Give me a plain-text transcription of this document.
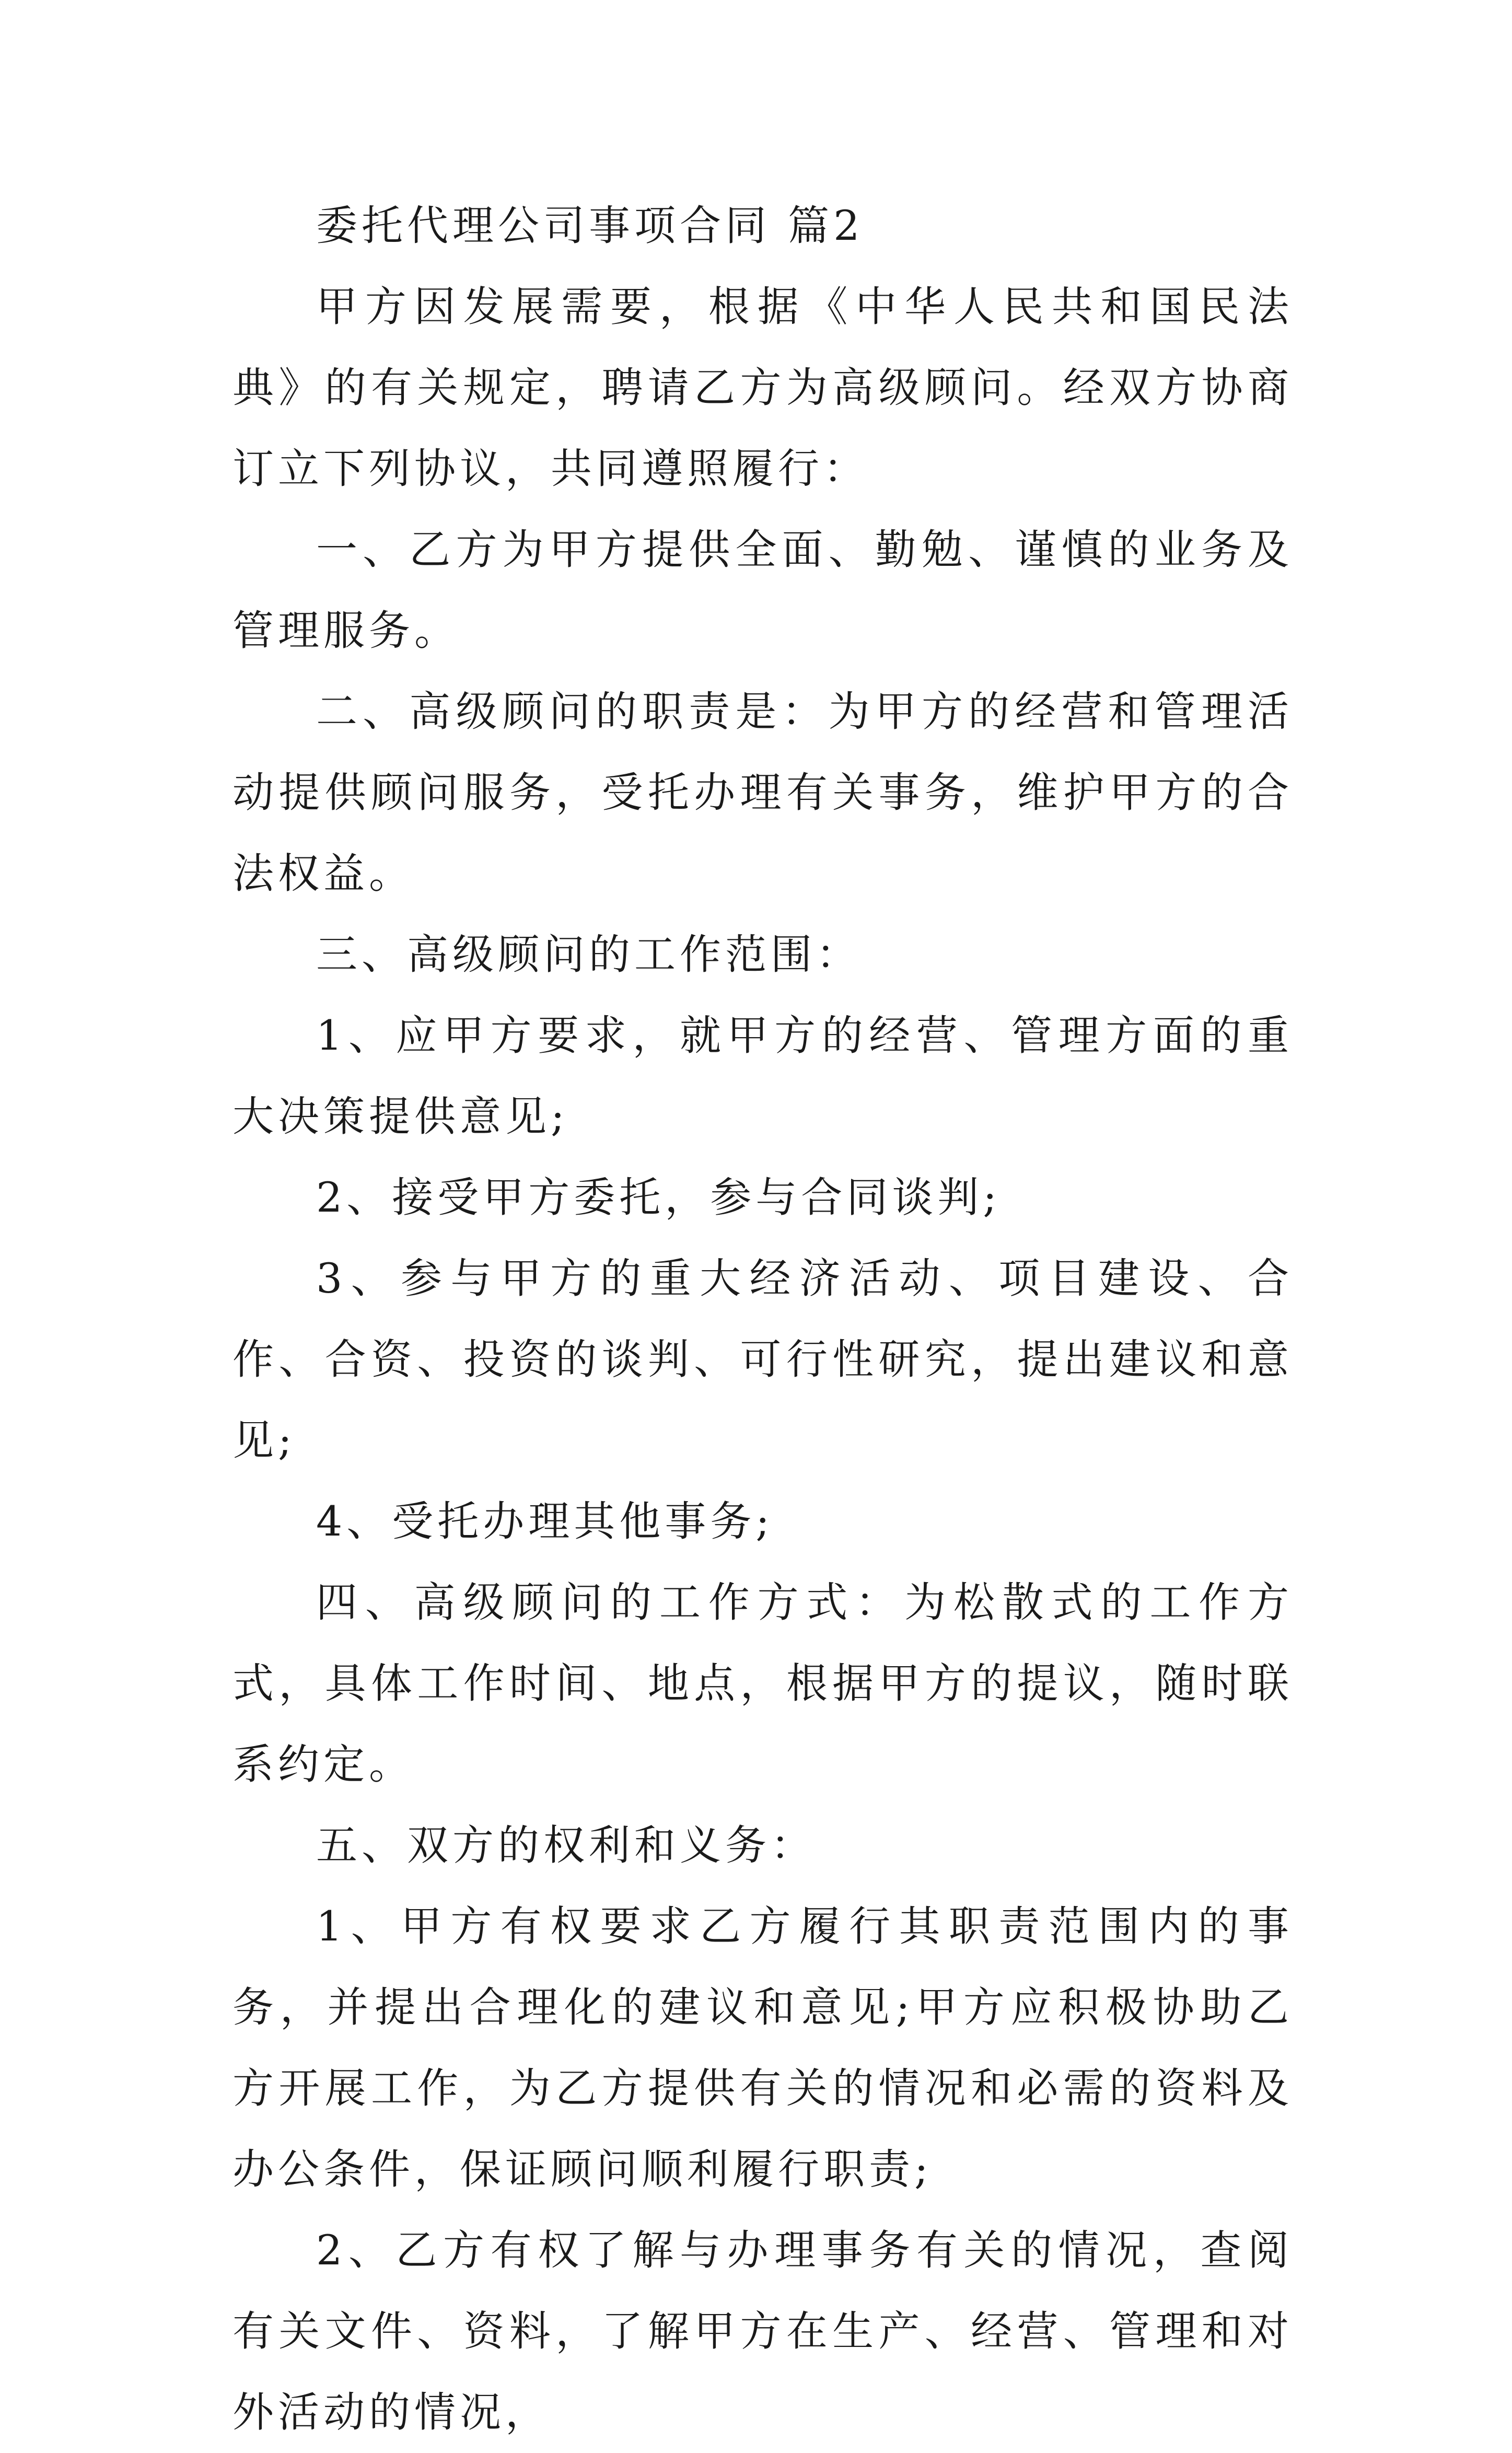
委托代理公司事项合同 篇2

甲方因发展需要，根据《中华人民共和国民法典》的有关规定，聘请乙方为高级顾问。经双方协商订立下列协议，共同遵照履行：

一、乙方为甲方提供全面、勤勉、谨慎的业务及管理服务。

二、高级顾问的职责是：为甲方的经营和管理活动提供顾问服务，受托办理有关事务，维护甲方的合法权益。

三、高级顾问的工作范围：

1、应甲方要求，就甲方的经营、管理方面的重大决策提供意见;

2、接受甲方委托，参与合同谈判;

3、参与甲方的重大经济活动、项目建设、合作、合资、投资的谈判、可行性研究，提出建议和意见;

4、受托办理其他事务;

四、高级顾问的工作方式：为松散式的工作方式，具体工作时间、地点，根据甲方的提议，随时联系约定。

五、双方的权利和义务：

1、甲方有权要求乙方履行其职责范围内的事务，并提出合理化的建议和意见;甲方应积极协助乙方开展工作，为乙方提供有关的情况和必需的资料及办公条件，保证顾问顺利履行职责;

2、乙方有权了解与办理事务有关的情况，查阅有关文件、资料，了解甲方在生产、经营、管理和对外活动的情况，
